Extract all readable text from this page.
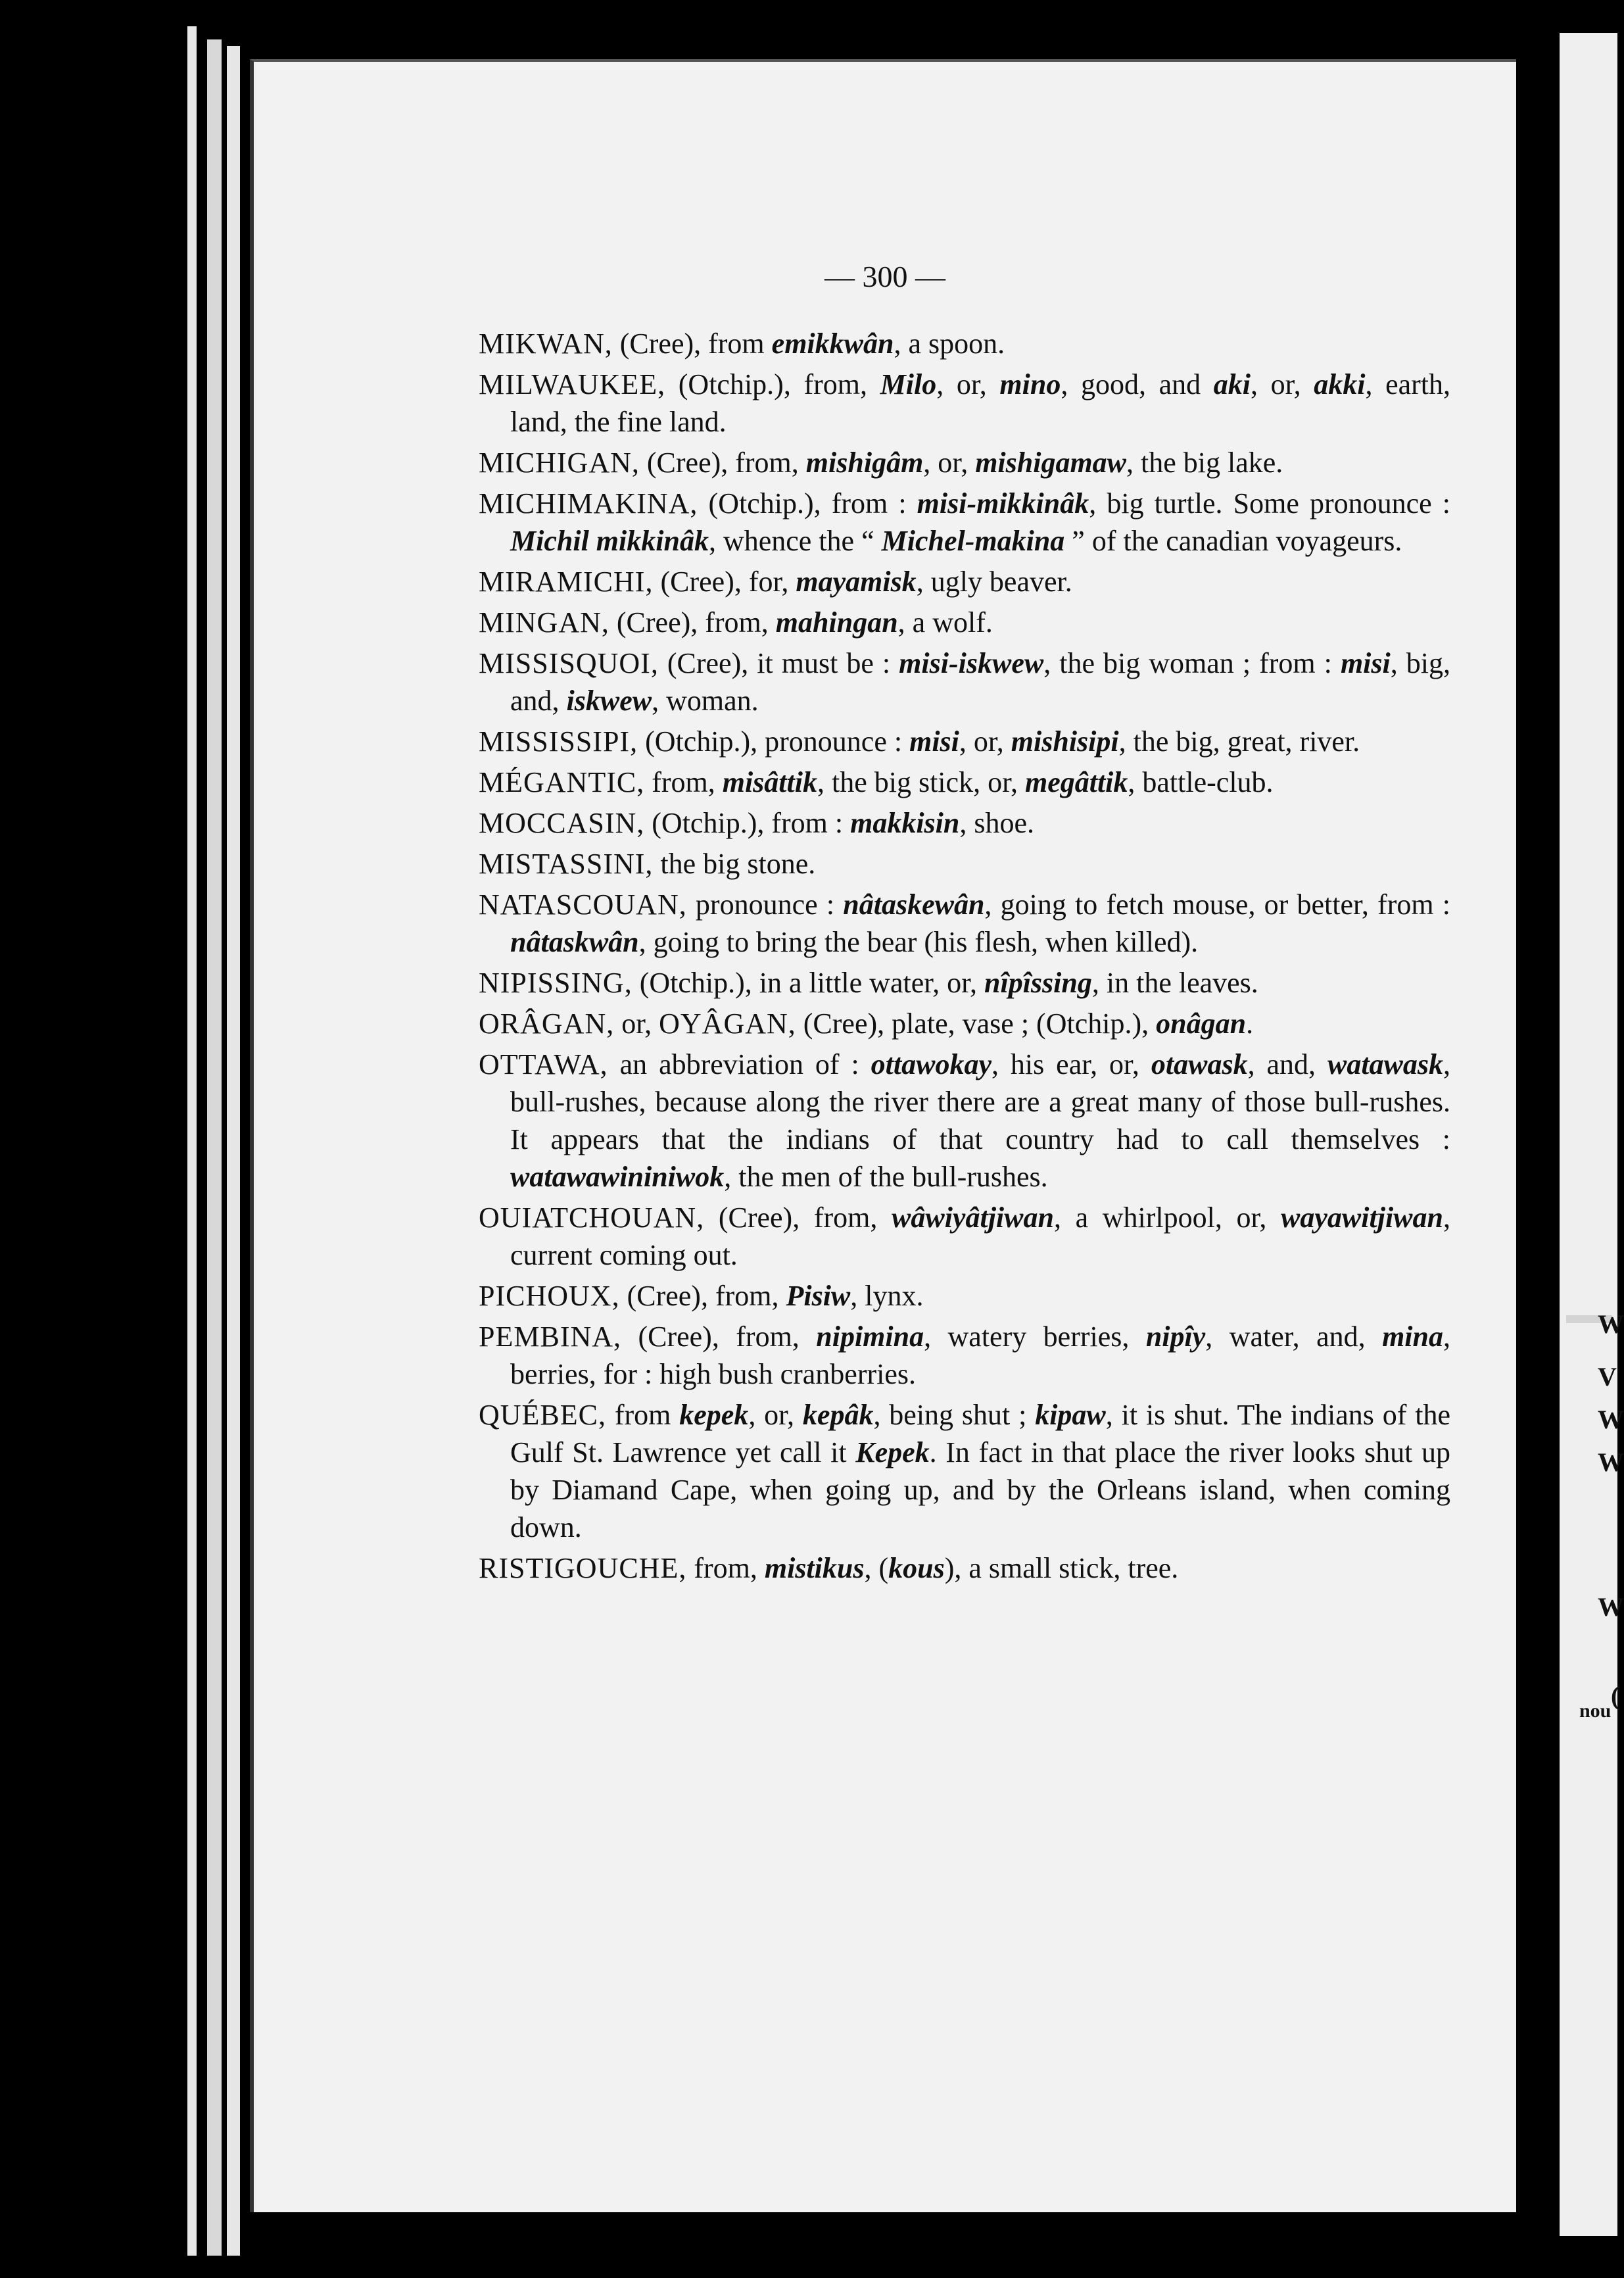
— 300 —

MIKWAN, (Cree), from emikkwân, a spoon.

MILWAUKEE, (Otchip.), from, Milo, or, mino, good, and aki, or, akki, earth, land, the fine land.

MICHIGAN, (Cree), from, mishigâm, or, mishigamaw, the big lake.

MICHIMAKINA, (Otchip.), from : misi-mikkinâk, big turtle. Some pronounce : Michil mikkinâk, whence the “ Michel-makina ” of the canadian voyageurs.

MIRAMICHI, (Cree), for, mayamisk, ugly beaver.

MINGAN, (Cree), from, mahingan, a wolf.

MISSISQUOI, (Cree), it must be : misi-iskwew, the big woman ; from : misi, big, and, iskwew, woman.

MISSISSIPI, (Otchip.), pronounce : misi, or, mishisipi, the big, great, river.

MÉGANTIC, from, misâttik, the big stick, or, megâttik, battle-club.

MOCCASIN, (Otchip.), from : makkisin, shoe.

MISTASSINI, the big stone.

NATASCOUAN, pronounce : nâtaskewân, going to fetch mouse, or better, from : nâtaskwân, going to bring the bear (his flesh, when killed).

NIPISSING, (Otchip.), in a little water, or, nîpîssing, in the leaves.

ORÂGAN, or, OYÂGAN, (Cree), plate, vase ; (Otchip.), onâgan.

OTTAWA, an abbreviation of : ottawokay, his ear, or, otawask, and, watawask, bull-rushes, because along the river there are a great many of those bull-rushes. It appears that the indians of that country had to call themselves : watawawininiwok, the men of the bull-rushes.

OUIATCHOUAN, (Cree), from, wâwiyâtjiwan, a whirlpool, or, wayawitjiwan, current coming out.

PICHOUX, (Cree), from, Pisiw, lynx.

PEMBINA, (Cree), from, nipimina, watery berries, nipîy, water, and, mina, berries, for : high bush cranberries.

QUÉBEC, from kepek, or, kepâk, being shut ; kipaw, it is shut. The indians of the Gulf St. Lawrence yet call it Kepek. In fact in that place the river looks shut up by Diamand Cape, when going up, and by the Orleans island, when coming down.

RISTIGOUCHE, from, mistikus, (kous), a small stick, tree.

W
V
W
W
W
(
nou
